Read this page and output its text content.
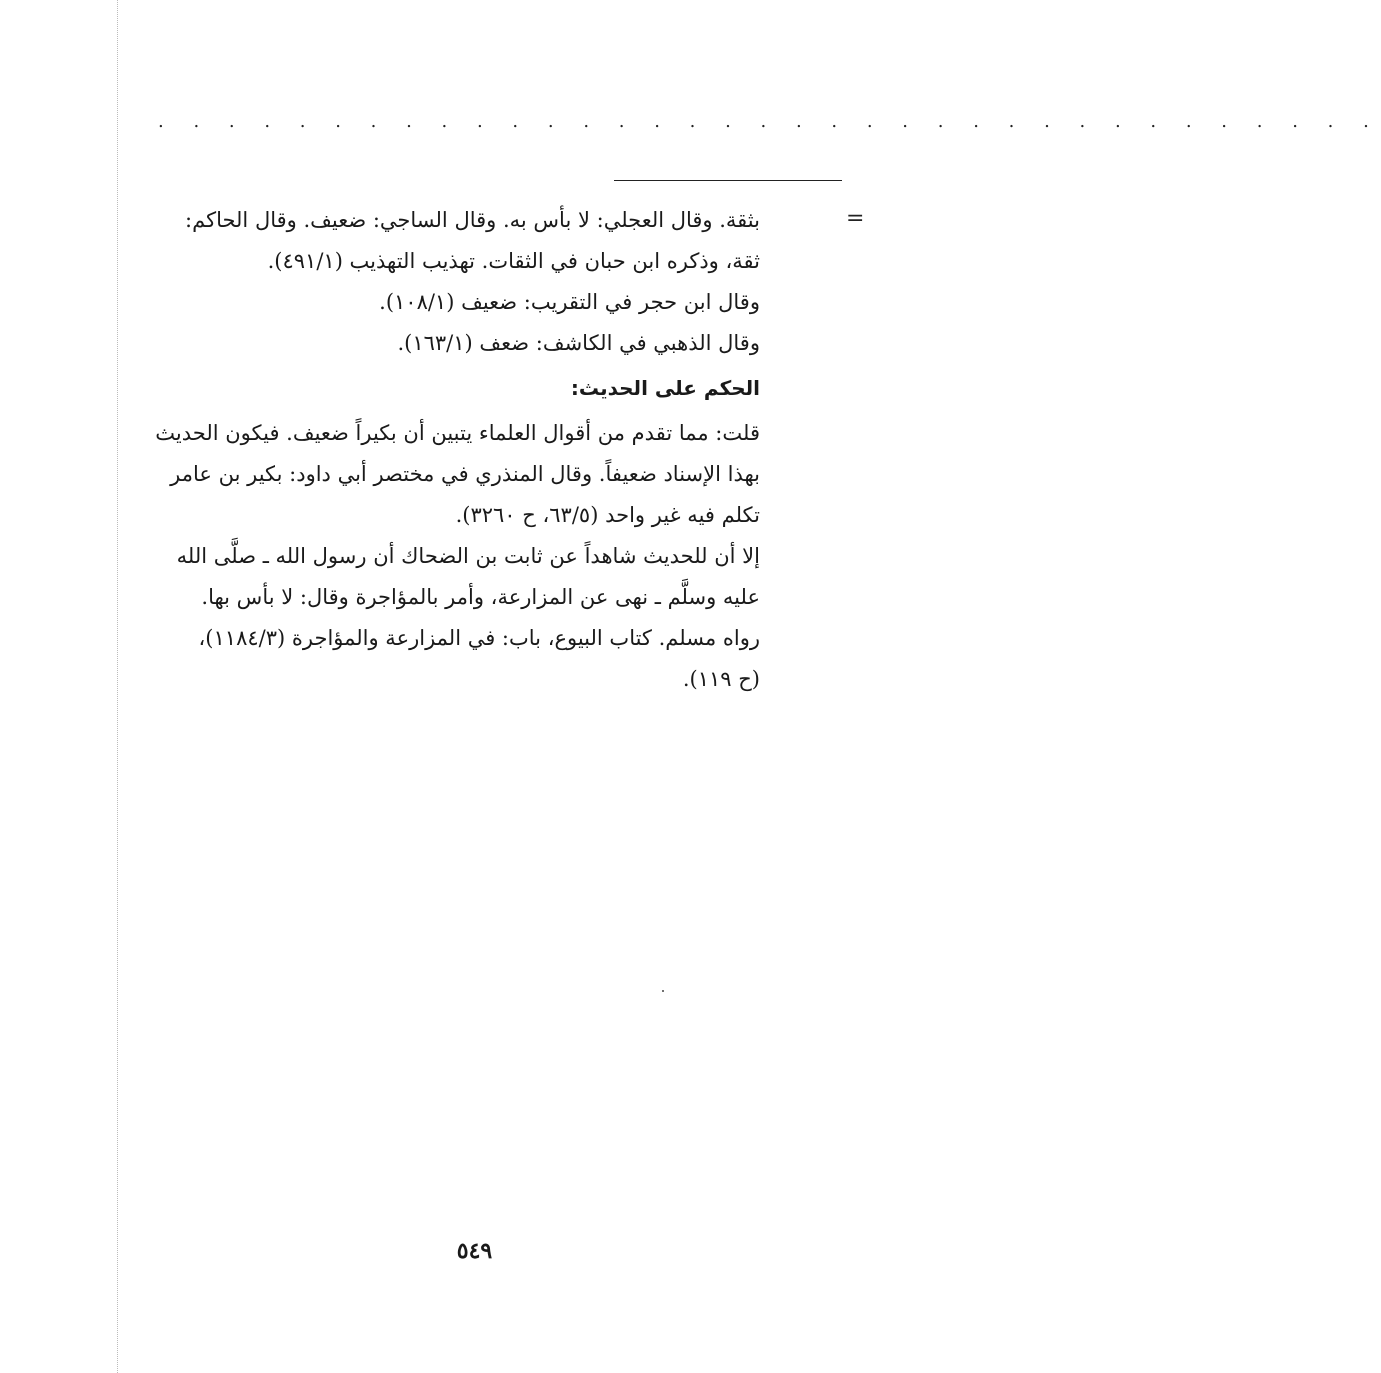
. . . . . . . . . . . . . . . . . . . . . . . . . . . . . . . . . . .
=

بثقة. وقال العجلي: لا بأس به. وقال الساجي: ضعيف. وقال الحاكم:

ثقة، وذكره ابن حبان في الثقات. تهذيب التهذيب (٤٩١/١).

وقال ابن حجر في التقريب: ضعيف (١٠٨/١).

وقال الذهبي في الكاشف: ضعف (١٦٣/١).

الحكم على الحديث:

قلت: مما تقدم من أقوال العلماء يتبين أن بكيراً ضعيف. فيكون الحديث

بهذا الإسناد ضعيفاً. وقال المنذري في مختصر أبي داود: بكير بن عامر

تكلم فيه غير واحد (٦٣/٥، ح ٣٢٦٠).

إلا أن للحديث شاهداً عن ثابت بن الضحاك أن رسول الله ـ صلَّى الله

عليه وسلَّم ـ نهى عن المزارعة، وأمر بالمؤاجرة وقال: لا بأس بها.

رواه مسلم. كتاب البيوع، باب: في المزارعة والمؤاجرة (١١٨٤/٣)،

(ح ١١٩).

٥٤٩
